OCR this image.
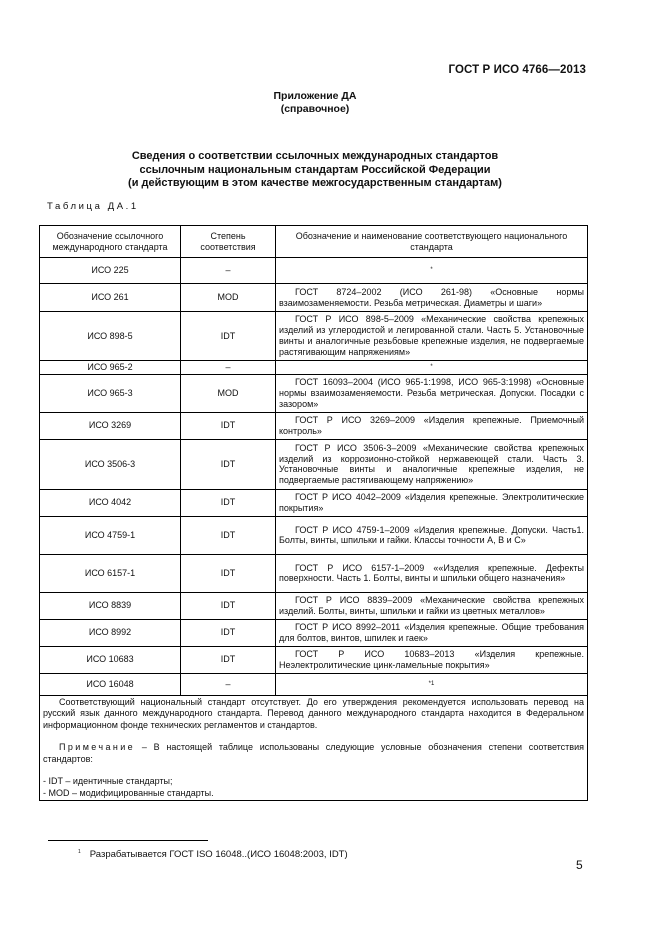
ГОСТ Р ИСО 4766—2013
Приложение ДА
(справочное)
Сведения о соответствии ссылочных международных стандартов
ссылочным национальным стандартам Российской Федерации
(и действующим в этом качестве межгосударственным стандартам)
Таблица ДА.1
Обозначение ссылочного международного стандарта	Степень соответствия	Обозначение и наименование соответствующего национального стандарта
ИСО 225	–	*
ИСО 261	MOD	ГОСТ 8724–2002 (ИСО 261-98) «Основные нормы взаимозаменяемости. Резьба метрическая. Диаметры и шаги»

ИСО 898-5	IDT	ГОСТ Р ИСО 898-5–2009 «Механические свойства крепежных изделий из углеродистой и легированной стали. Часть 5. Установочные винты и аналогичные резьбовые крепежные изделия, не подвергаемые растягивающим напряжениям»

ИСО 965-2	–	*
ИСО 965-3	MOD	ГОСТ 16093–2004 (ИСО 965-1:1998, ИСО 965-3:1998) «Основные нормы взаимозаменяемости. Резьба метрическая. Допуски. Посадки с зазором»

ИСО 3269	IDT	ГОСТ Р ИСО 3269–2009 «Изделия крепежные. Приемочный контроль»

ИСО 3506-3	IDT	ГОСТ Р ИСО 3506-3–2009 «Механические свойства крепежных изделий из коррозионно-стойкой нержавеющей стали. Часть 3. Установочные винты и аналогичные крепежные изделия, не подвергаемые растягивающему напряжению»

ИСО 4042	IDT	ГОСТ Р ИСО 4042–2009 «Изделия крепежные. Электролитические покрытия»

ИСО 4759-1	IDT	ГОСТ Р ИСО 4759-1–2009 «Изделия крепежные. Допуски. Часть1. Болты, винты, шпильки и гайки. Классы точности А, В и С»

ИСО 6157-1	IDT	ГОСТ Р ИСО 6157-1–2009 ««Изделия крепежные. Дефекты поверхности. Часть 1. Болты, винты и шпильки общего назначения»

ИСО 8839	IDT	ГОСТ Р ИСО 8839–2009 «Механические свойства крепежных изделий. Болты, винты, шпильки и гайки из цветных металлов»

ИСО 8992	IDT	ГОСТ Р ИСО 8992–2011 «Изделия крепежные. Общие требования для болтов, винтов, шпилек и гаек»

ИСО 10683	IDT	ГОСТ Р ИСО 10683–2013 «Изделия крепежные. Неэлектролитические цинк-ламельные покрытия»

ИСО 16048	–	$^{*1}$

Соответствующий национальный стандарт отсутствует. До его утверждения рекомендуется использовать перевод на русский язык данного международного стандарта. Перевод данного международного стандарта находится в Федеральном информационном фонде технических регламентов и стандартов.

Примечание – В настоящей таблице использованы следующие условные обозначения степени соответствия стандартов:

- IDT – идентичные стандарты;

- MOD – модифицированные стандарты.		

$^1$ Разрабатывается ГОСТ ISO 16048..(ИСО 16048:2003, IDT)
5
